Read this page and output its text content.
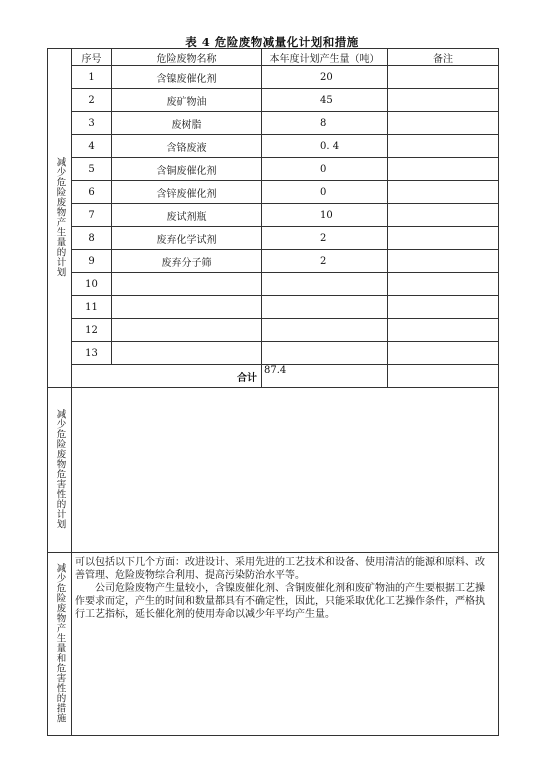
表 4 危险废物减量化计划和措施
减少危险废物产生量的计划	序号	危险废物名称	本年度计划产生量（吨）	备注
	1	含镍废催化剂	20	
	2	废矿物油	45	
	3	废树脂	8	
	4	含铬废液	0. 4	
	5	含铜废催化剂	0	
	6	含锌废催化剂	0	
	7	废试剂瓶	10	
	8	废弃化学试剂	2	
	9	废弃分子筛	2	
	10			
	11			
	12			
	13			
	合计		87.4	
减少危险废物危害性的计划				
减少危险废物产生量和危害性的措施	可以包括以下几个方面：改进设计、采用先进的工艺技术和设备、使用清洁的能源和原料、改善管理、危险废物综合利用、提高污染防治水平等。

公司危险废物产生量较小，含镍废催化剂、含铜废催化剂和废矿物油的产生要根据工艺操作要求而定，产生的时间和数量都具有不确定性，因此，只能采取优化工艺操作条件，严格执行工艺指标，延长催化剂的使用寿命以减少年平均产生量。			
